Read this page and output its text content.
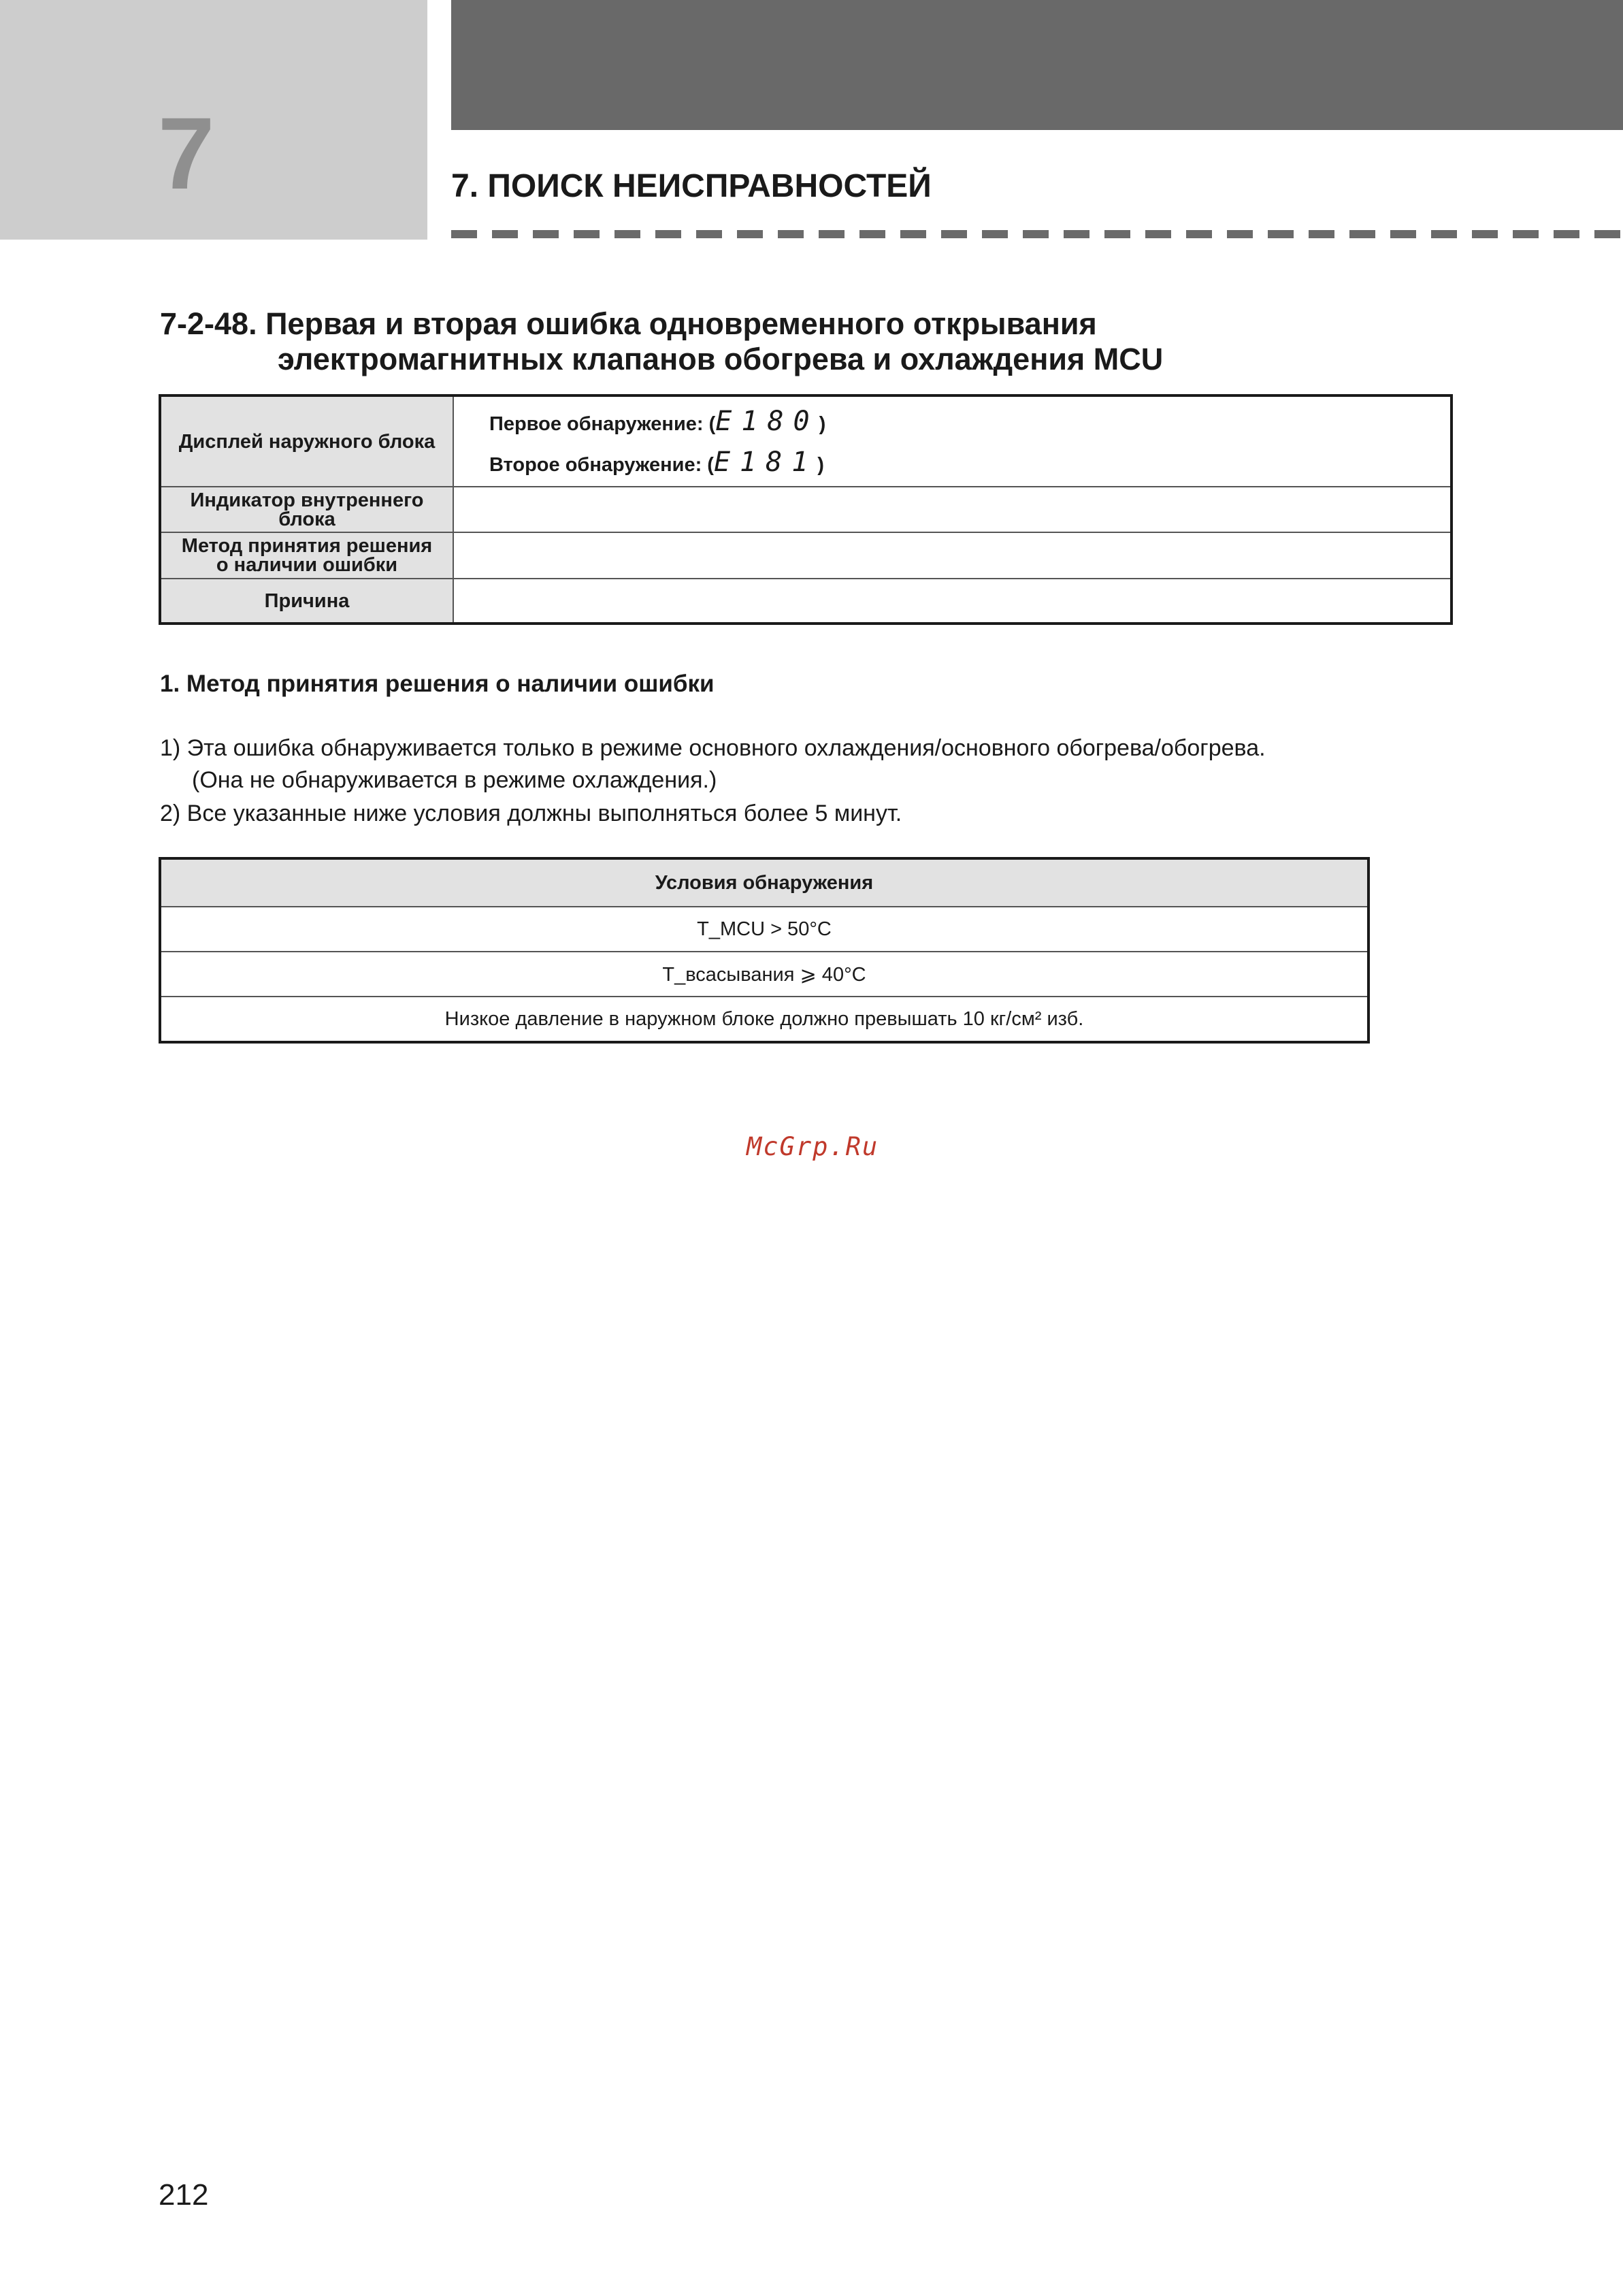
7	7. ПОИСК НЕИСПРАВНОСТЕЙ
7-2-48. Первая и вторая ошибка одновременного открывания
электромагнитных клапанов обогрева и охлаждения MCU
Дисплей наружного блока	Первое обнаружение: (E180)
Второе обнаружение: (E181)

Индикатор внутреннего блока	
Метод принятия решения
о наличии ошибки	
Причина	
1. Метод принятия решения о наличии ошибки
1) Эта ошибка обнаруживается только в режиме основного охлаждения/основного обогрева/обогрева.
(Она не обнаруживается в режиме охлаждения.)
2) Все указанные ниже условия должны выполняться более 5 минут.
Условия обнаружения
T_MCU > 50°C
T_всасывания ⩾ 40°C
Низкое давление в наружном блоке должно превышать 10 кг/см² изб.
McGrp.Ru
212
